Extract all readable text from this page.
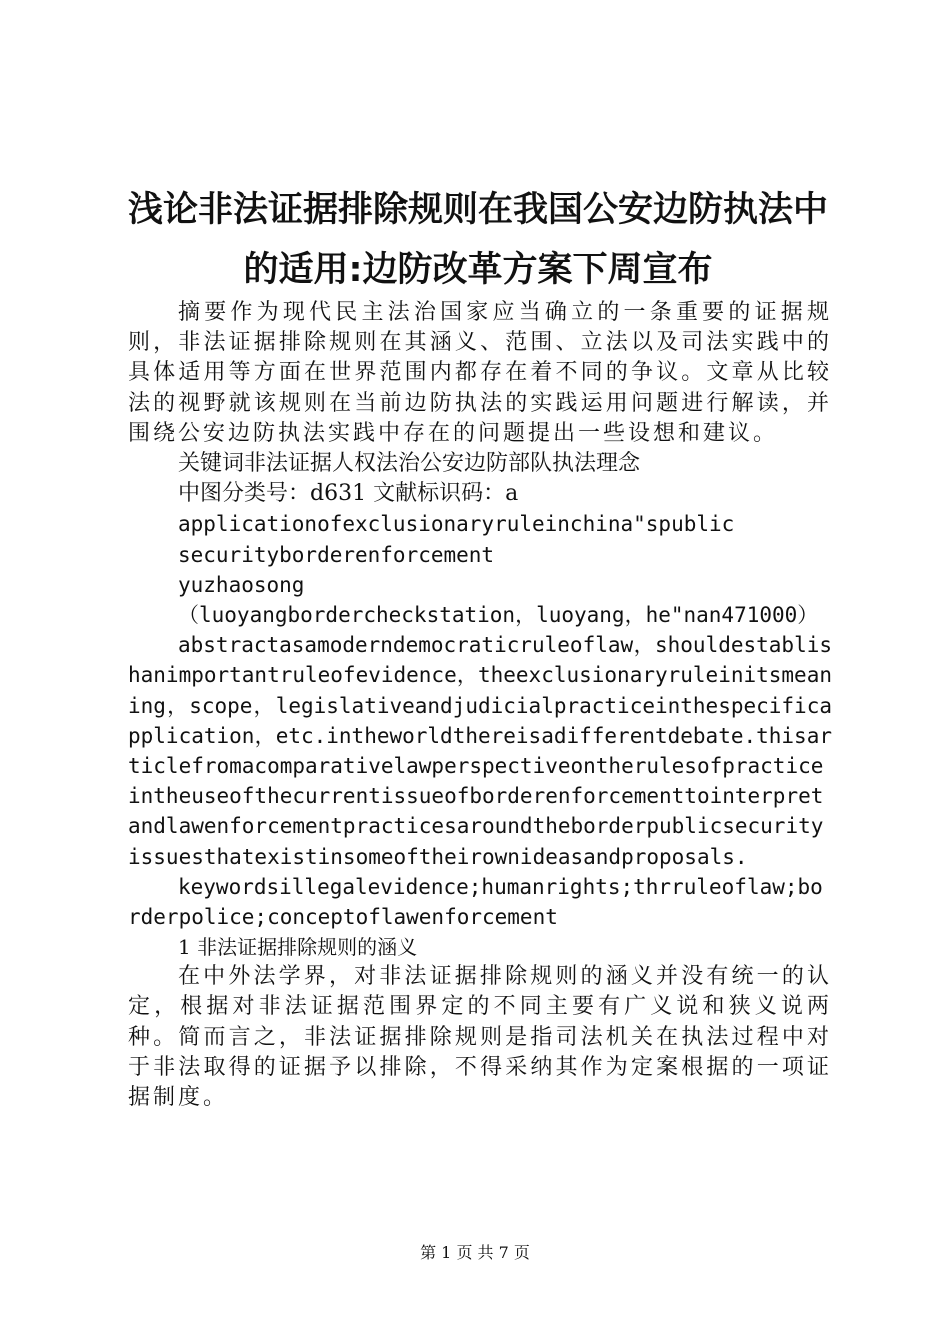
浅论非法证据排除规则在我国公安边防执法中
的适用:边防改革方案下周宣布

摘要作为现代民主法治国家应当确立的一条重要的证据规则，非法证据排除规则在其涵义、范围、立法以及司法实践中的具体适用等方面在世界范围内都存在着不同的争议。文章从比较法的视野就该规则在当前边防执法的实践运用问题进行解读，并围绕公安边防执法实践中存在的问题提出一些设想和建议。

关键词非法证据人权法治公安边防部队执法理念

中图分类号：d631 文献标识码：a

applicationofexclusionaryruleinchina"spublic

securityborderenforcement

yuzhaosong

（luoyangbordercheckstation，luoyang，he"nan471000）

abstractasamoderndemocraticruleoflaw，shouldestablishanimportantruleofevidence，theexclusionaryruleinitsmeaning，scope，legislativeandjudicialpracticeinthespecificapplication，etc.intheworldthereisadifferentdebate.thisarticlefromacomparativelawperspectiveontherulesofpracticeintheuseofthecurrentissueofborderenforcementtointerpretandlawenforcementpracticesaroundtheborderpublicsecurityissuesthatexistinsomeoftheirownideasandproposals.

keywordsillegalevidence;humanrights;thrruleoflaw;borderpolice;conceptoflawenforcement

1 非法证据排除规则的涵义

在中外法学界，对非法证据排除规则的涵义并没有统一的认定，根据对非法证据范围界定的不同主要有广义说和狭义说两种。简而言之，非法证据排除规则是指司法机关在执法过程中对于非法取得的证据予以排除，不得采纳其作为定案根据的一项证据制度。

第 1 页 共 7 页
